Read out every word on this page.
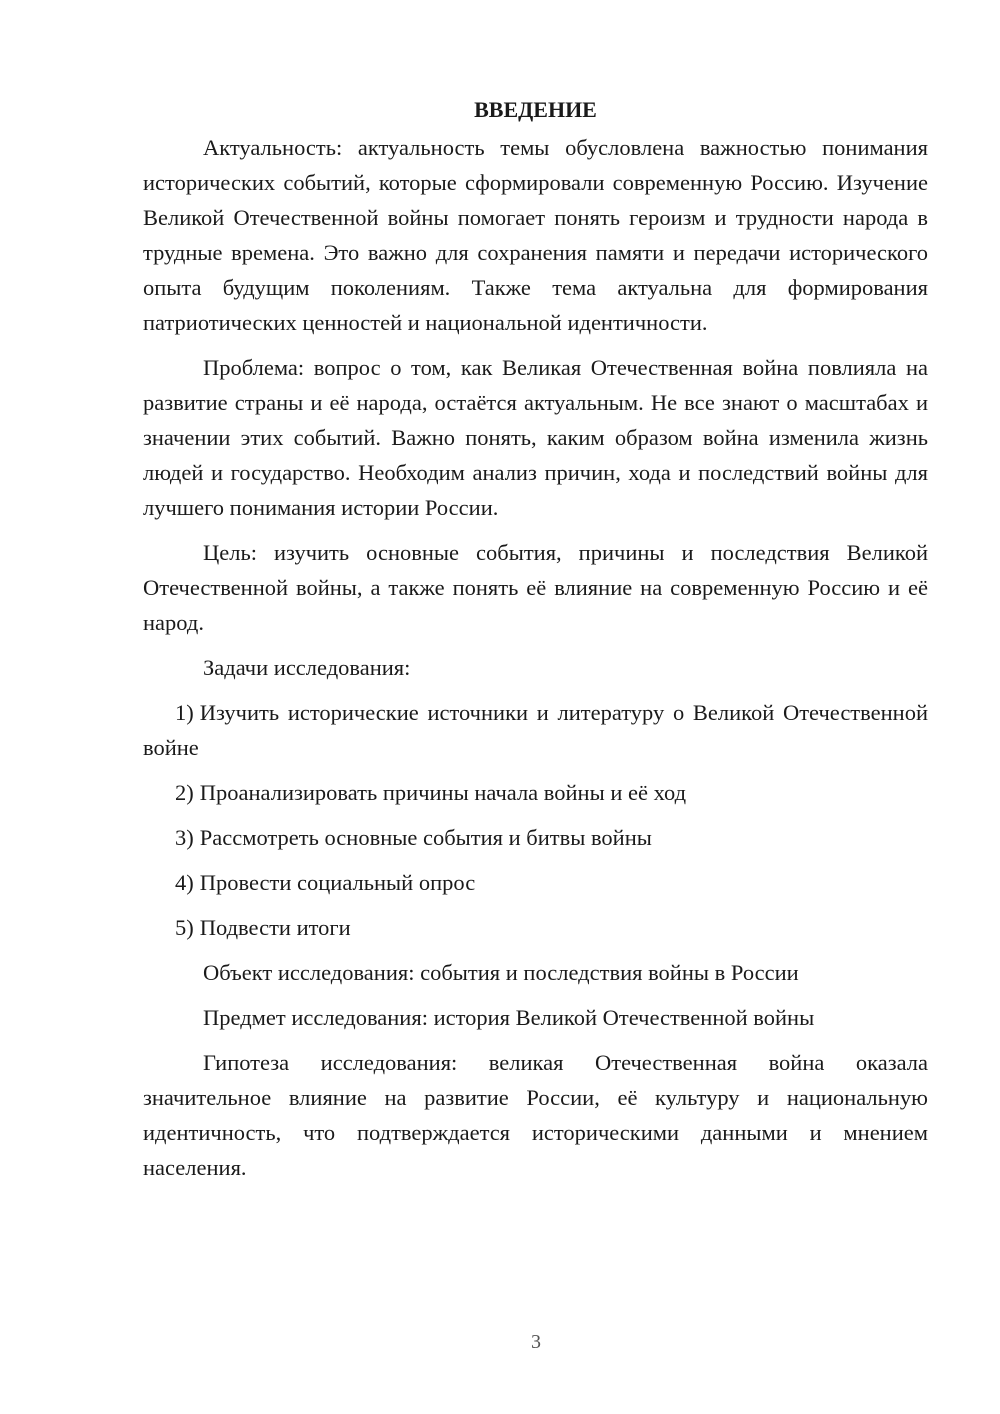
ВВЕДЕНИЕ

Актуальность: актуальность темы обусловлена важностью понимания исторических событий, которые сформировали современную Россию. Изучение Великой Отечественной войны помогает понять героизм и трудности народа в трудные времена. Это важно для сохранения памяти и передачи исторического опыта будущим поколениям. Также тема актуальна для формирования патриотических ценностей и национальной идентичности.

Проблема: вопрос о том, как Великая Отечественная война повлияла на развитие страны и её народа, остаётся актуальным. Не все знают о масштабах и значении этих событий. Важно понять, каким образом война изменила жизнь людей и государство. Необходим анализ причин, хода и последствий войны для лучшего понимания истории России.

Цель: изучить основные события, причины и последствия Великой Отечественной войны, а также понять её влияние на современную Россию и её народ.

Задачи исследования:

1) Изучить исторические источники и литературу о Великой Отечественной войне

2) Проанализировать причины начала войны и её ход

3) Рассмотреть основные события и битвы войны

4) Провести социальный опрос

5) Подвести итоги

Объект исследования: события и последствия войны в России

Предмет исследования: история Великой Отечественной войны

Гипотеза исследования: великая Отечественная война оказала значительное влияние на развитие России, её культуру и национальную идентичность, что подтверждается историческими данными и мнением населения.

3
